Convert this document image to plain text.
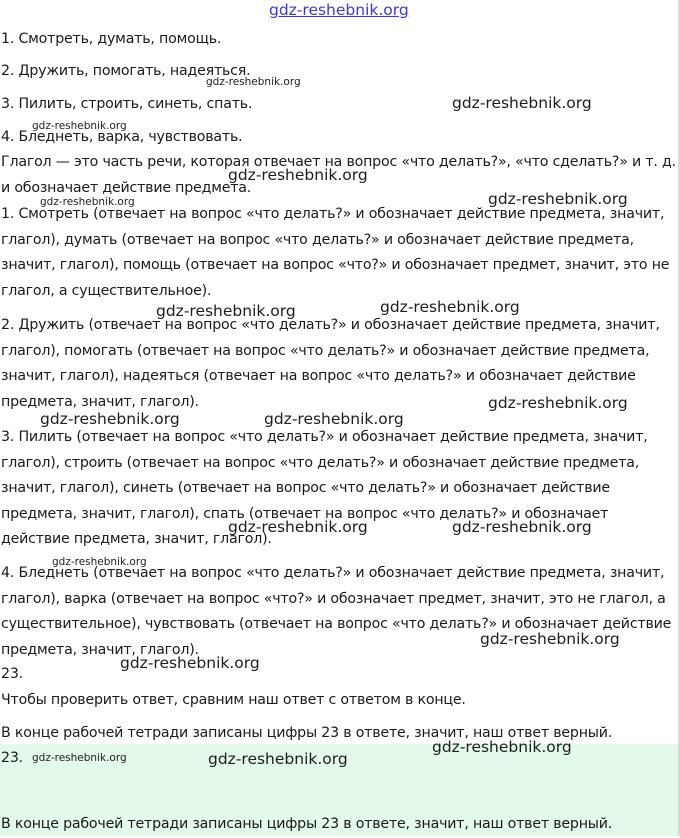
1. Смотреть, думать, помощь.

2. Дружить, помогать, надеяться.

3. Пилить, строить, синеть, спать.

4. Бледнеть, варка, чувствовать.

Глагол — это часть речи, которая отвечает на вопрос «что делать?», «что сделать?» и т. д. и обозначает действие предмета.

1. Смотреть (отвечает на вопрос «что делать?» и обозначает действие предмета, значит, глагол), думать (отвечает на вопрос «что делать?» и обозначает действие предмета, значит, глагол), помощь (отвечает на вопрос «что?» и обозначает предмет, значит, это не глагол, а существительное).

2. Дружить (отвечает на вопрос «что делать?» и обозначает действие предмета, значит, глагол), помогать (отвечает на вопрос «что делать?» и обозначает действие предмета, значит, глагол), надеяться (отвечает на вопрос «что делать?» и обозначает действие предмета, значит, глагол).

3. Пилить (отвечает на вопрос «что делать?» и обозначает действие предмета, значит, глагол), строить (отвечает на вопрос «что делать?» и обозначает действие предмета, значит, глагол), синеть (отвечает на вопрос «что делать?» и обозначает действие предмета, значит, глагол), спать (отвечает на вопрос «что делать?» и обозначает действие предмета, значит, глагол).

4. Бледнеть (отвечает на вопрос «что делать?» и обозначает действие предмета, значит, глагол), варка (отвечает на вопрос «что?» и обозначает предмет, значит, это не глагол, а существительное), чувствовать (отвечает на вопрос «что делать?» и обозначает действие предмета, значит, глагол).

23.

Чтобы проверить ответ, сравним наш ответ с ответом в конце.

В конце рабочей тетради записаны цифры 23 в ответе, значит, наш ответ верный.

23.

В конце рабочей тетради записаны цифры 23 в ответе, значит, наш ответ верный.

gdz-reshebnik.org
gdz-reshebnik.org
gdz-reshebnik.org
gdz-reshebnik.org
gdz-reshebnik.org
gdz-reshebnik.org
gdz-reshebnik.org
gdz-reshebnik.org	gdz-reshebnik.org
gdz-reshebnik.org
gdz-reshebnik.org	gdz-reshebnik.org
gdz-reshebnik.org	gdz-reshebnik.org
gdz-reshebnik.org
gdz-reshebnik.org
gdz-reshebnik.org
gdz-reshebnik.org
gdz-reshebnik.org	gdz-reshebnik.org
